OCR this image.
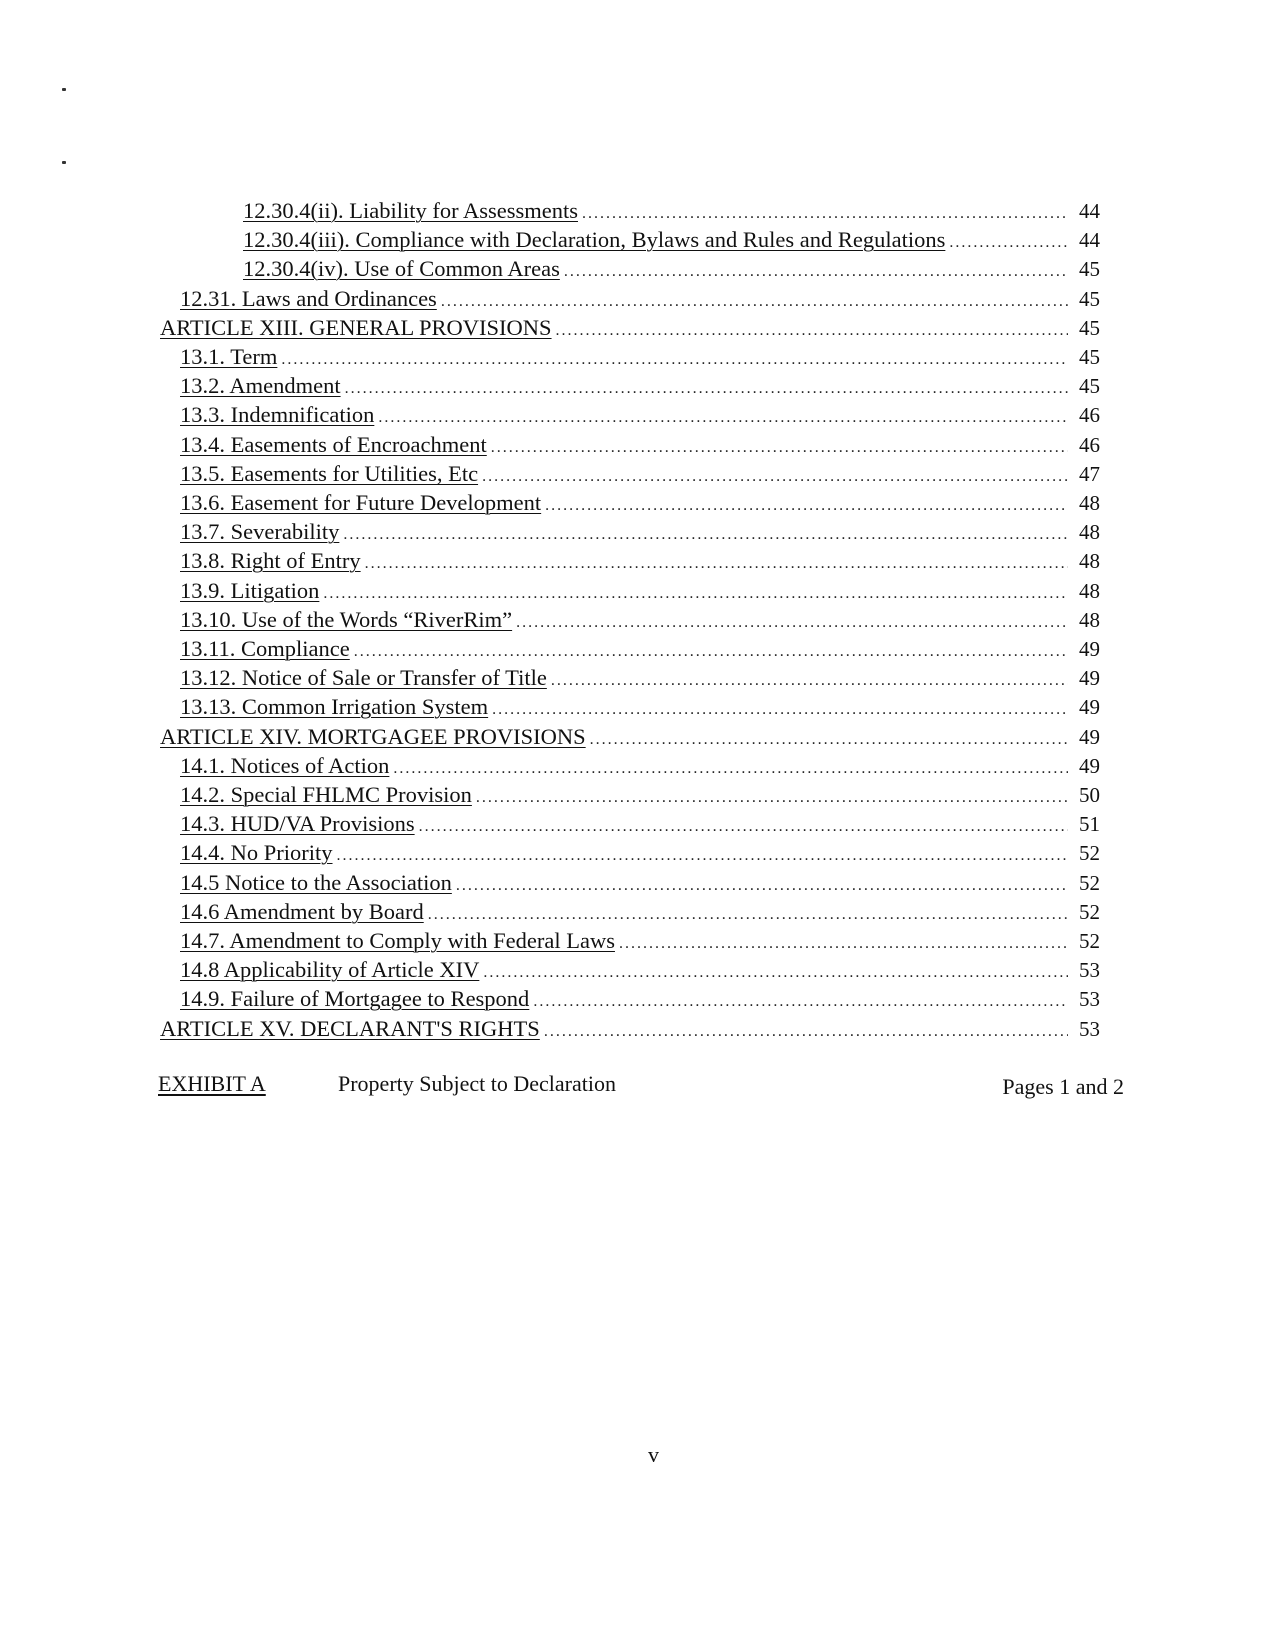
12.30.4(ii). Liability for Assessments .....	44
12.30.4(iii). Compliance with Declaration, Bylaws and Rules and Regulations .....	44
12.30.4(iv). Use of Common Areas .....	45
12.31. Laws and Ordinances .....	45
ARTICLE XIII. GENERAL PROVISIONS .....	45
13.1. Term .....	45
13.2. Amendment .....	45
13.3. Indemnification .....	46
13.4. Easements of Encroachment .....	46
13.5. Easements for Utilities, Etc .....	47
13.6. Easement for Future Development .....	48
13.7. Severability .....	48
13.8. Right of Entry .....	48
13.9. Litigation .....	48
13.10. Use of the Words “RiverRim” .....	48
13.11. Compliance .....	49
13.12. Notice of Sale or Transfer of Title .....	49
13.13. Common Irrigation System .....	49
ARTICLE XIV. MORTGAGEE PROVISIONS .....	49
14.1. Notices of Action .....	49
14.2. Special FHLMC Provision .....	50
14.3. HUD/VA Provisions .....	51
14.4. No Priority .....	52
14.5 Notice to the Association .....	52
14.6 Amendment by Board .....	52
14.7. Amendment to Comply with Federal Laws .....	52
14.8 Applicability of Article XIV .....	53
14.9. Failure of Mortgagee to Respond .....	53
ARTICLE XV. DECLARANT'S RIGHTS .....	53
EXHIBIT A	Property Subject to Declaration	Pages 1 and 2
v
